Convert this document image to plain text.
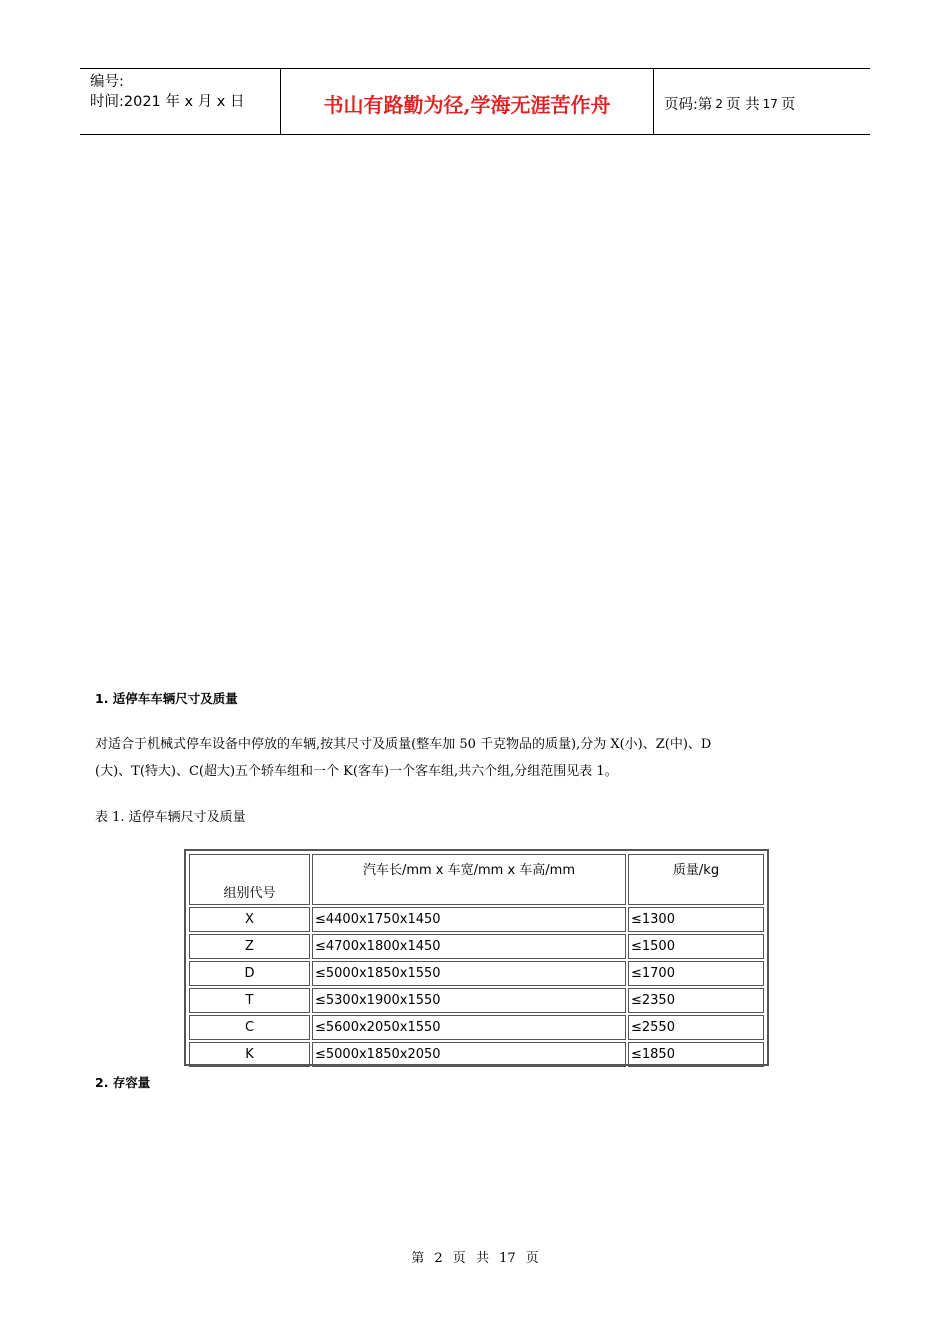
编号:
时间:2021 年 x 月 x 日	书山有路勤为径,学海无涯苦作舟	页码:第 2 页 共 17 页
1. 适停车车辆尺寸及质量
对适合于机械式停车设备中停放的车辆,按其尺寸及质量(整车加 50 千克物品的质量),分为 X(小)、Z(中)、D
(大)、T(特大)、C(超大)五个轿车组和一个 K(客车)一个客车组,共六个组,分组范围见表 1。
表 1. 适停车辆尺寸及质量
组别代号	汽车长/mm x 车宽/mm x 车高/mm	质量/kg
X	≤4400x1750x1450	≤1300
Z	≤4700x1800x1450	≤1500
D	≤5000x1850x1550	≤1700
T	≤5300x1900x1550	≤2350
C	≤5600x2050x1550	≤2550
K	≤5000x1850x2050	≤1850
2. 存容量
第 2 页 共 17 页
